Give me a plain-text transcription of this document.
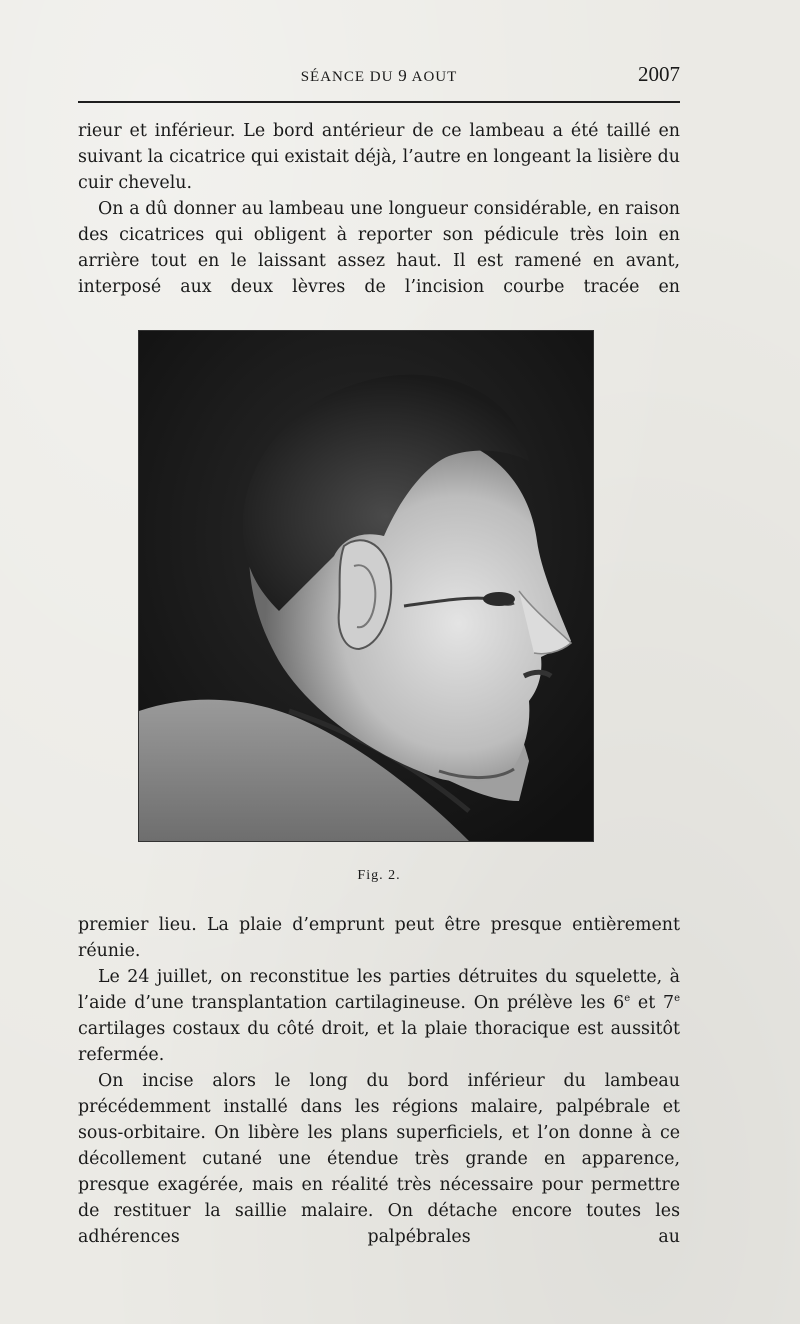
SÉANCE DU 9 AOUT	2007

rieur et inférieur. Le bord antérieur de ce lambeau a été taillé en suivant la cicatrice qui existait déjà, l’autre en longeant la lisière du cuir chevelu.

On a dû donner au lambeau une longueur considérable, en raison des cicatrices qui obligent à reporter son pédicule très loin en arrière tout en le laissant assez haut. Il est ramené en avant, interposé aux deux lèvres de l’incision courbe tracée en

Fig. 2.

premier lieu. La plaie d’emprunt peut être presque entièrement réunie.

Le 24 juillet, on reconstitue les parties détruites du squelette, à l’aide d’une transplantation cartilagineuse. On prélève les 6e et 7e cartilages costaux du côté droit, et la plaie thoracique est aussitôt refermée.

On incise alors le long du bord inférieur du lambeau précédemment installé dans les régions malaire, palpébrale et sous-orbitaire. On libère les plans superficiels, et l’on donne à ce décollement cutané une étendue très grande en apparence, presque exagérée, mais en réalité très nécessaire pour permettre de restituer la saillie malaire. On détache encore toutes les adhérences palpébrales au
